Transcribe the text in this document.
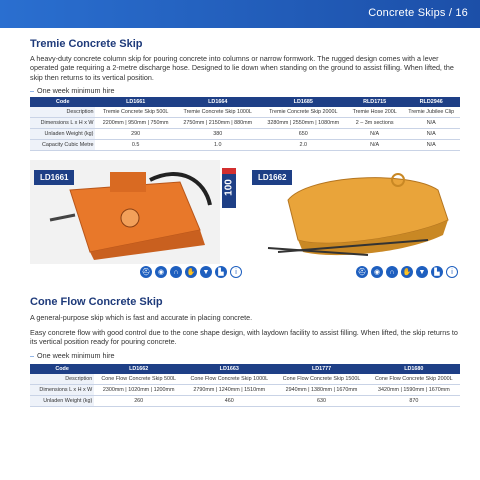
Concrete Skips / 16
Tremie Concrete Skip
A heavy-duty concrete column skip for pouring concrete into columns or narrow formwork. The rugged design comes with a lever operated gate requiring a 2-metre discharge hose. Designed to lie down when standing on the ground to assist filling. When lifted, the skip then returns to its vertical position.
– One week minimum hire
Code	LD1661	LD1664	LD1685	RLD1715	RLD2946
Description	Tremie Concrete Skip 500L	Tremie Concrete Skip 1000L	Tremie Concrete Skip 2000L	Tremie Hose 200L	Tremie Jubilee Clip
Dimensions L x H x W	2200mm | 950mm | 750mm	2750mm | 2150mm | 880mm	3280mm | 2550mm | 1080mm	2 – 3m sections	N/A
Unladen Weight (kg)	290	380	650	N/A	N/A
Capacity Cubic Metre	0.5	1.0	2.0	N/A	N/A
LD1661
100
LD1662
⛑	◉	∩	✋	▼	▙	i	⛑	◉	∩	✋	▼	▙	i
Cone Flow Concrete Skip
A general-purpose skip which is fast and accurate in placing concrete.
Easy concrete flow with good control due to the cone shape design, with laydown facility to assist filling. When lifted, the skip returns to its vertical position ready for pouring concrete.
– One week minimum hire
Code	LD1662	LD1663	LD1777	LD1680
Description	Cone Flow Concrete Skip 500L	Cone Flow Concrete Skip 1000L	Cone Flow Concrete Skip 1500L	Cone Flow Concrete Skip 2000L
Dimensions L x H x W	2300mm | 1020mm | 1200mm	2790mm | 1240mm | 1510mm	2940mm | 1380mm | 1670mm	3420mm | 1590mm | 1670mm
Unladen Weight (kg)	260	460	630	870
